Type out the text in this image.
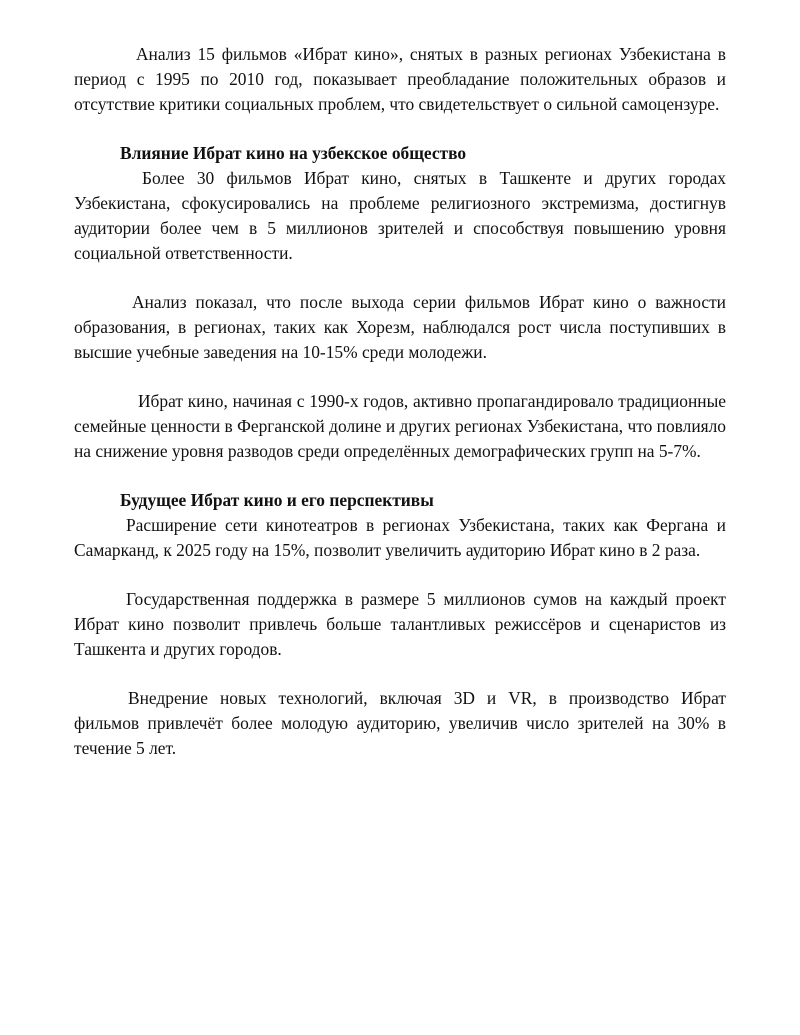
Анализ 15 фильмов «Ибрат кино», снятых в разных регионах Узбекистана в период с 1995 по 2010 год, показывает преобладание положительных образов и отсутствие критики социальных проблем, что свидетельствует о сильной самоцензуре.

Влияние Ибрат кино на узбекское общество

Более 30 фильмов Ибрат кино, снятых в Ташкенте и других городах Узбекистана, сфокусировались на проблеме религиозного экстремизма, достигнув аудитории более чем в 5 миллионов зрителей и способствуя повышению уровня социальной ответственности.

Анализ показал, что после выхода серии фильмов Ибрат кино о важности образования, в регионах, таких как Хорезм, наблюдался рост числа поступивших в высшие учебные заведения на 10-15% среди молодежи.

Ибрат кино, начиная с 1990-х годов, активно пропагандировало традиционные семейные ценности в Ферганской долине и других регионах Узбекистана, что повлияло на снижение уровня разводов среди определённых демографических групп на 5-7%.

Будущее Ибрат кино и его перспективы

Расширение сети кинотеатров в регионах Узбекистана, таких как Фергана и Самарканд, к 2025 году на 15%, позволит увеличить аудиторию Ибрат кино в 2 раза.

Государственная поддержка в размере 5 миллионов сумов на каждый проект Ибрат кино позволит привлечь больше талантливых режиссёров и сценаристов из Ташкента и других городов.

Внедрение новых технологий, включая 3D и VR, в производство Ибрат фильмов привлечёт более молодую аудиторию, увеличив число зрителей на 30% в течение 5 лет.
